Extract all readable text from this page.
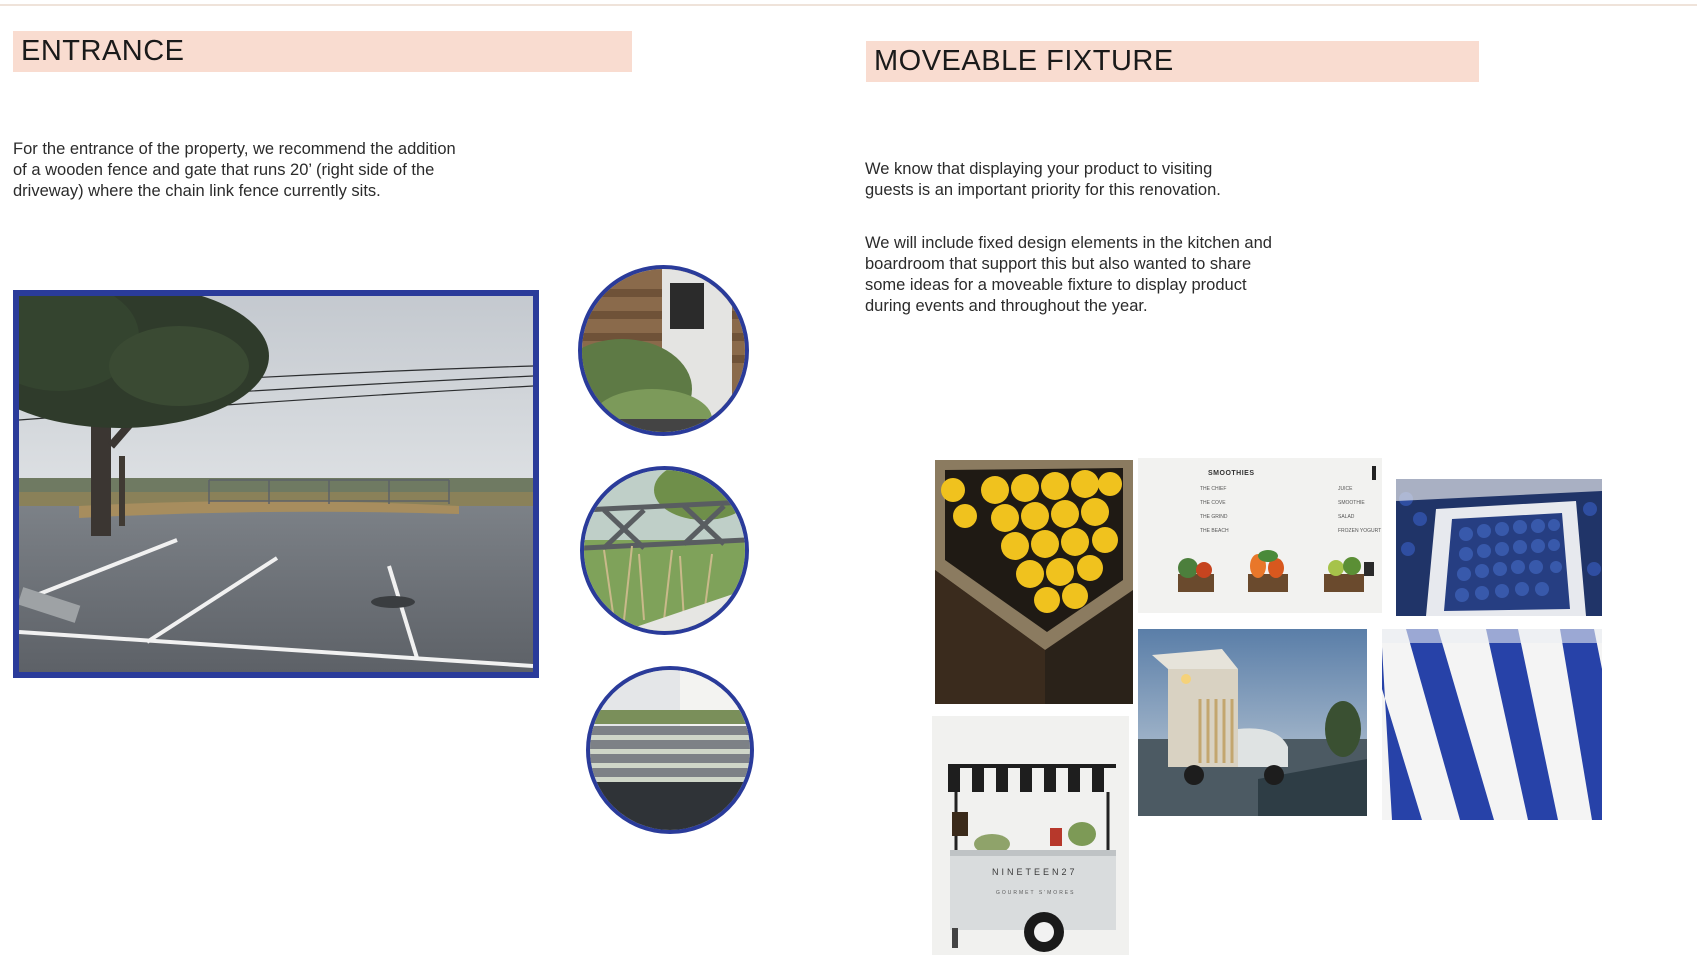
ENTRANCE

For the entrance of the property, we recommend the addition of a wooden fence and gate that runs 20’ (right side of the driveway) where the chain link fence currently sits.

MOVEABLE FIXTURE

We know that displaying your product to visiting guests is an important priority for this renovation.

We will include fixed design elements in the kitchen and boardroom that support this but also wanted to share some ideas for a moveable fixture to display product during events and throughout the year.

SMOOTHIES
THE CHIEF
THE COVE
THE GRIND
THE BEACH
JUICE
SMOOTHIE
SALAD
FROZEN YOGURT
NINETEEN27
GOURMET S'MORES
